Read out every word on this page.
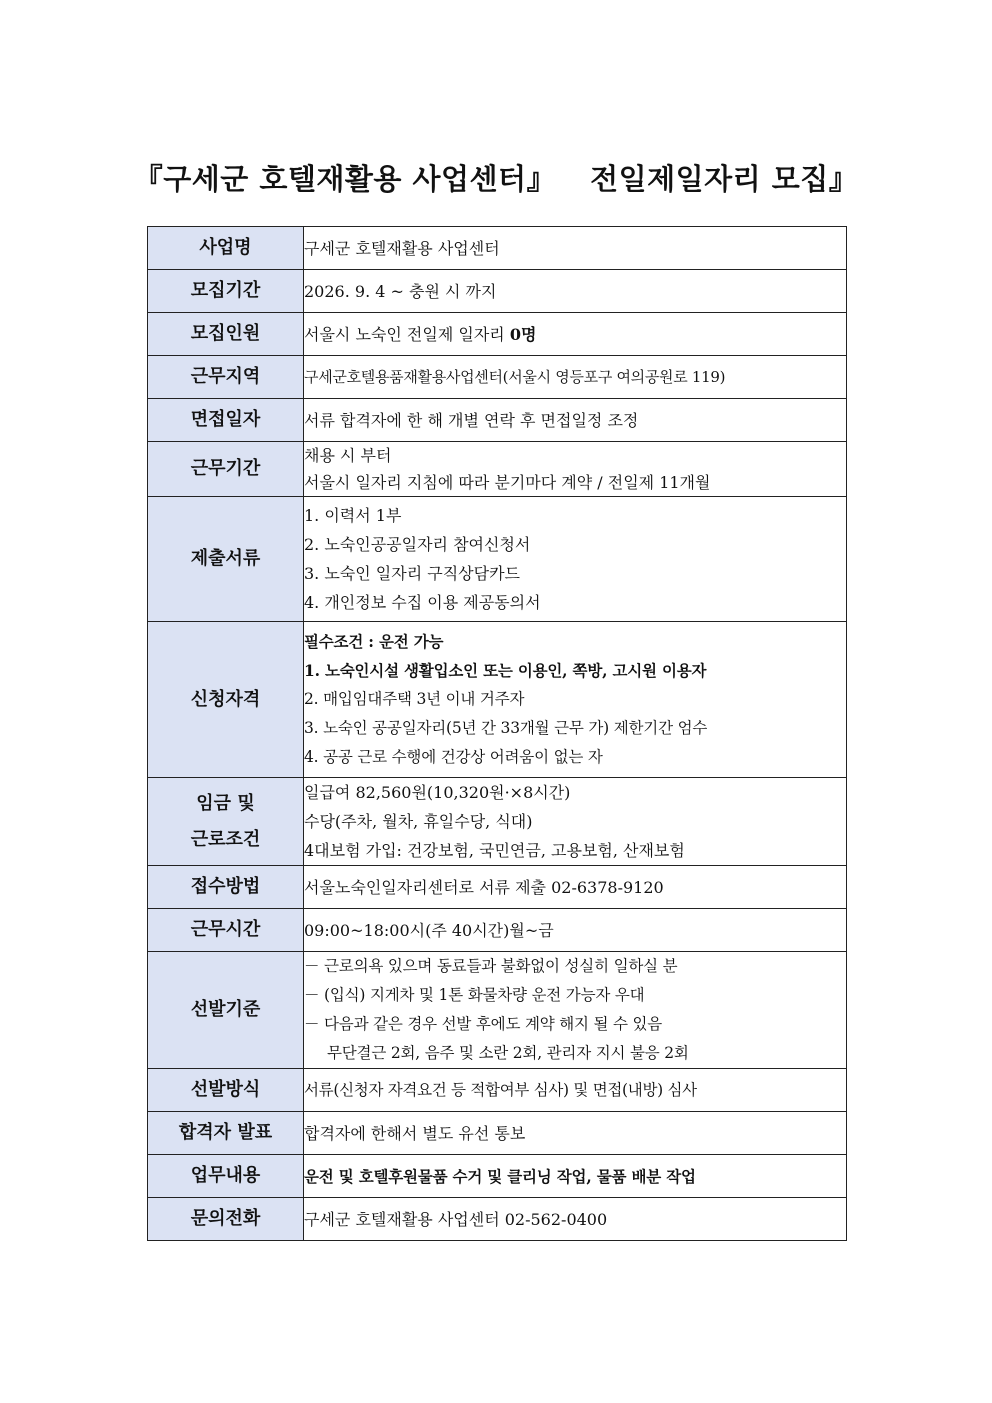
『구세군 호텔재활용 사업센터』 전일제일자리 모집』
사업명	구세군 호텔재활용 사업센터

모집기간	2026. 9. 4 ~ 충원 시 까지

모집인원	서울시 노숙인 전일제 일자리 0명

근무지역	구세군호텔용품재활용사업센터(서울시 영등포구 여의공원로 119)

면접일자	서류 합격자에 한 해 개별 연락 후 면접일정 조정

근무기간	채용 시 부터
서울시 일자리 지침에 따라 분기마다 계약 / 전일제 11개월

제출서류	1. 이력서 1부
2. 노숙인공공일자리 참여신청서
3. 노숙인 일자리 구직상담카드
4. 개인정보 수집 이용 제공동의서

신청자격	필수조건 : 운전 가능
1. 노숙인시설 생활입소인 또는 이용인, 쪽방, 고시원 이용자
2. 매입임대주택 3년 이내 거주자
3. 노숙인 공공일자리(5년 간 33개월 근무 가) 제한기간 엄수
4. 공공 근로 수행에 건강상 어려움이 없는 자

임금 및
근로조건	일급여 82,560원(10,320원·×8시간)
수당(주차, 월차, 휴일수당, 식대)
4대보험 가입: 건강보험, 국민연금, 고용보험, 산재보험

접수방법	서울노숙인일자리센터로 서류 제출 02-6378-9120

근무시간	09:00~18:00시(주 40시간)월~금

선발기준	－ 근로의욕 있으며 동료들과 불화없이 성실히 일하실 분
－ (입식) 지게차 및 1톤 화물차량 운전 가능자 우대
－ 다음과 같은 경우 선발 후에도 계약 해지 될 수 있음
무단결근 2회, 음주 및 소란 2회, 관리자 지시 불응 2회

선발방식	서류(신청자 자격요건 등 적합여부 심사) 및 면접(내방) 심사

합격자 발표	합격자에 한해서 별도 유선 통보

업무내용	운전 및 호텔후원물품 수거 및 클리닝 작업, 물품 배분 작업

문의전화	구세군 호텔재활용 사업센터 02-562-0400
